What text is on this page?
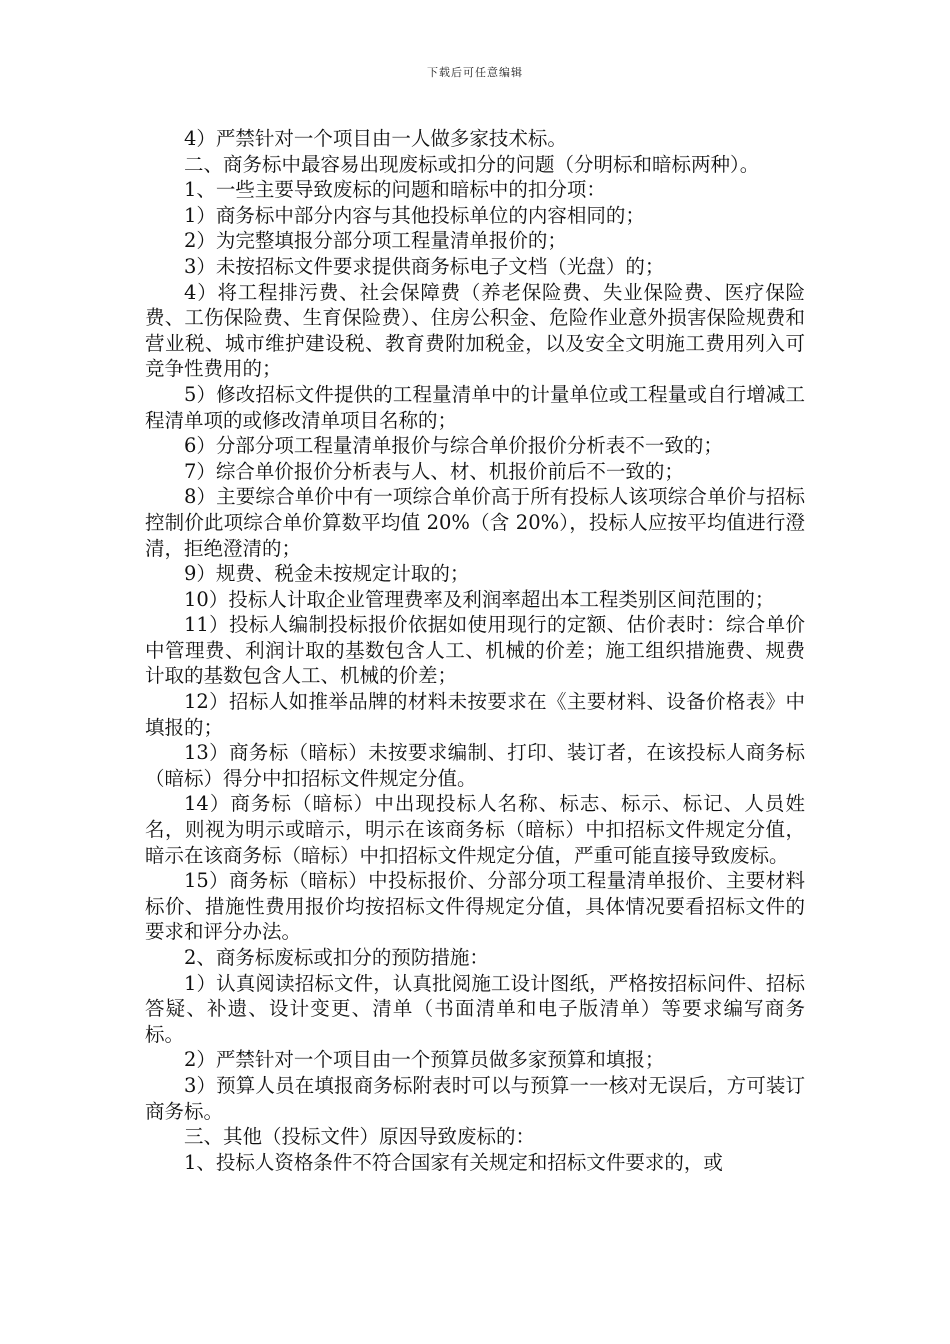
下载后可任意编辑

4）严禁针对一个项目由一人做多家技术标。

二、商务标中最容易出现废标或扣分的问题（分明标和暗标两种）。

1、一些主要导致废标的问题和暗标中的扣分项：

1）商务标中部分内容与其他投标单位的内容相同的；

2）为完整填报分部分项工程量清单报价的；

3）未按招标文件要求提供商务标电子文档（光盘）的；

4）将工程排污费、社会保障费（养老保险费、失业保险费、医疗保险费、工伤保险费、生育保险费）、住房公积金、危险作业意外损害保险规费和营业税、城市维护建设税、教育费附加税金，以及安全文明施工费用列入可竞争性费用的；

5）修改招标文件提供的工程量清单中的计量单位或工程量或自行增减工程清单项的或修改清单项目名称的；

6）分部分项工程量清单报价与综合单价报价分析表不一致的；

7）综合单价报价分析表与人、材、机报价前后不一致的；

8）主要综合单价中有一项综合单价高于所有投标人该项综合单价与招标控制价此项综合单价算数平均值 20%（含 20%），投标人应按平均值进行澄清，拒绝澄清的；

9）规费、税金未按规定计取的；

10）投标人计取企业管理费率及利润率超出本工程类别区间范围的；

11）投标人编制投标报价依据如使用现行的定额、估价表时：综合单价中管理费、利润计取的基数包含人工、机械的价差；施工组织措施费、规费计取的基数包含人工、机械的价差；

12）招标人如推举品牌的材料未按要求在《主要材料、设备价格表》中填报的；

13）商务标（暗标）未按要求编制、打印、装订者，在该投标人商务标（暗标）得分中扣招标文件规定分值。

14）商务标（暗标）中出现投标人名称、标志、标示、标记、人员姓名，则视为明示或暗示，明示在该商务标（暗标）中扣招标文件规定分值，暗示在该商务标（暗标）中扣招标文件规定分值，严重可能直接导致废标。

15）商务标（暗标）中投标报价、分部分项工程量清单报价、主要材料标价、措施性费用报价均按招标文件得规定分值，具体情况要看招标文件的要求和评分办法。

2、商务标废标或扣分的预防措施：

1）认真阅读招标文件，认真批阅施工设计图纸，严格按招标问件、招标答疑、补遗、设计变更、清单（书面清单和电子版清单）等要求编写商务标。

2）严禁针对一个项目由一个预算员做多家预算和填报；

3）预算人员在填报商务标附表时可以与预算一一核对无误后，方可装订商务标。

三、其他（投标文件）原因导致废标的：

1、投标人资格条件不符合国家有关规定和招标文件要求的，或
